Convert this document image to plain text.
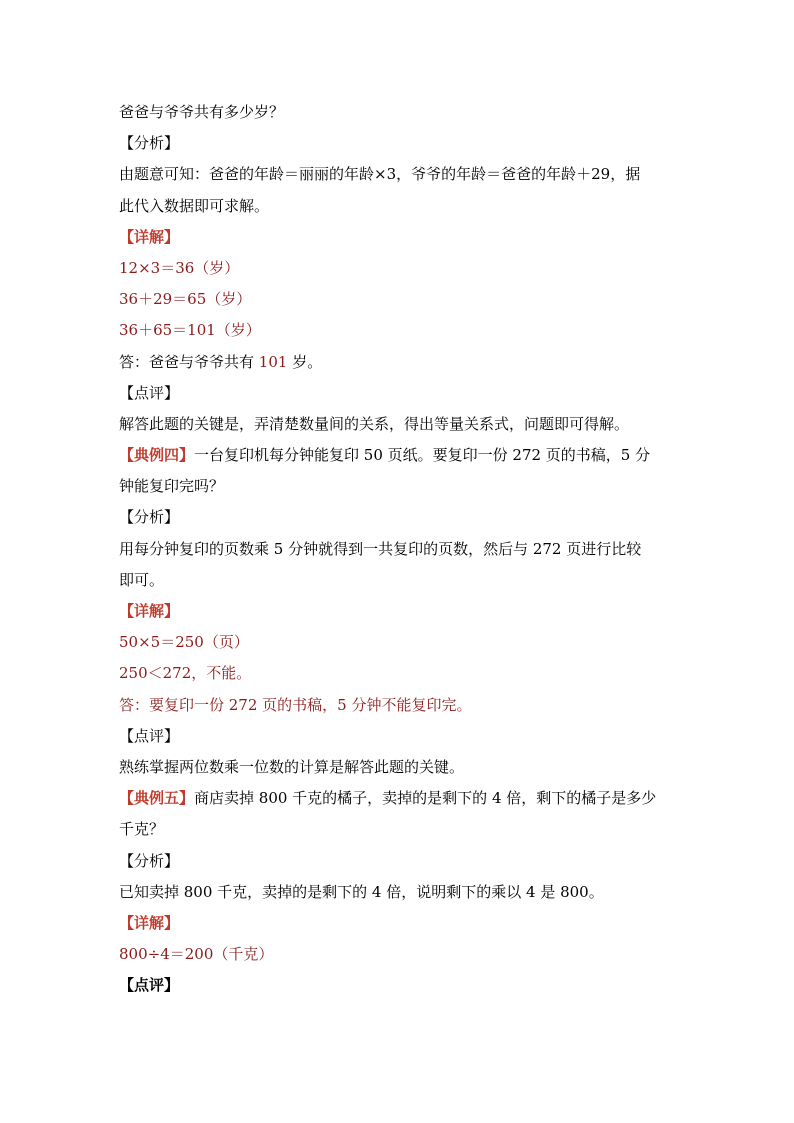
爸爸与爷爷共有多少岁？
【分析】
由题意可知：爸爸的年龄＝丽丽的年龄×3，爷爷的年龄＝爸爸的年龄＋29，据
此代入数据即可求解。
【详解】
12×3＝36（岁）
36＋29＝65（岁）
36＋65＝101（岁）
答：爸爸与爷爷共有 101 岁。
【点评】
解答此题的关键是，弄清楚数量间的关系，得出等量关系式，问题即可得解。
【典例四】一台复印机每分钟能复印 50 页纸。要复印一份 272 页的书稿，5 分
钟能复印完吗？
【分析】
用每分钟复印的页数乘 5 分钟就得到一共复印的页数，然后与 272 页进行比较
即可。
【详解】
50×5＝250（页）
250＜272，不能。
答：要复印一份 272 页的书稿，5 分钟不能复印完。
【点评】
熟练掌握两位数乘一位数的计算是解答此题的关键。
【典例五】商店卖掉 800 千克的橘子，卖掉的是剩下的 4 倍，剩下的橘子是多少
千克？
【分析】
已知卖掉 800 千克，卖掉的是剩下的 4 倍，说明剩下的乘以 4 是 800。
【详解】
800÷4＝200（千克）
【点评】
